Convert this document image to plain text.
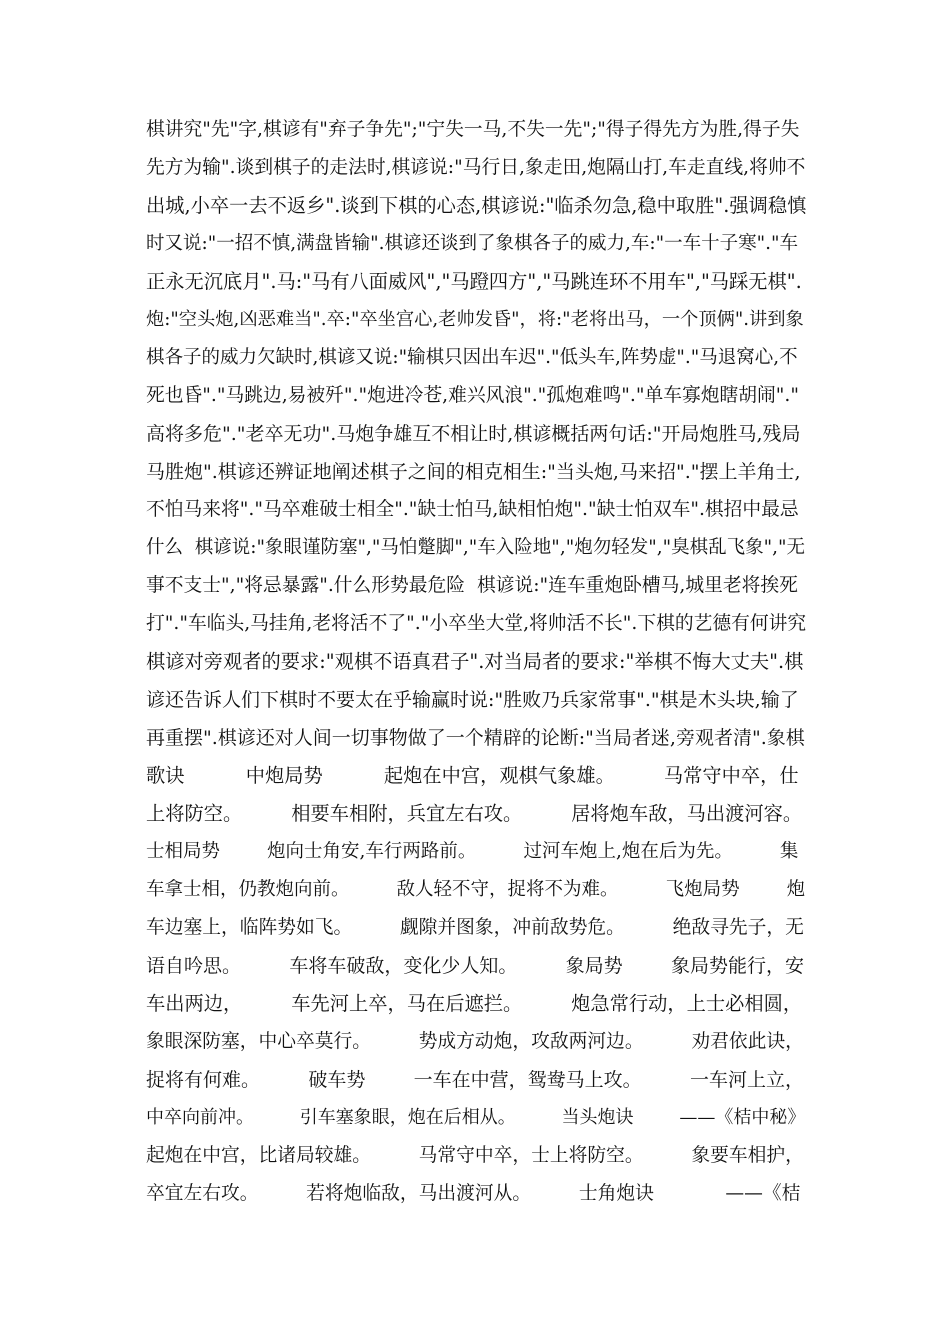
棋讲究"先"字,棋谚有"弃子争先";"宁失一马,不失一先";"得子得先方为胜,得子失
先方为输".谈到棋子的走法时,棋谚说:"马行日,象走田,炮隔山打,车走直线,将帅不
出城,小卒一去不返乡".谈到下棋的心态,棋谚说:"临杀勿急,稳中取胜".强调稳慎
时又说:"一招不慎,满盘皆输".棋谚还谈到了象棋各子的威力,车:"一车十子寒"."车
正永无沉底月".马:"马有八面威风","马蹬四方","马跳连环不用车","马踩无棋".
炮:"空头炮,凶恶难当".卒:"卒坐宫心,老帅发昏"，将:"老将出马，一个顶俩".讲到象
棋各子的威力欠缺时,棋谚又说:"输棋只因出车迟"."低头车,阵势虚"."马退窝心,不
死也昏"."马跳边,易被歼"."炮进冷苍,难兴风浪"."孤炮难鸣"."单车寡炮瞎胡闹"."
高将多危"."老卒无功".马炮争雄互不相让时,棋谚概括两句话:"开局炮胜马,残局
马胜炮".棋谚还辨证地阐述棋子之间的相克相生:"当头炮,马来招"."摆上羊角士,
不怕马来将"."马卒难破士相全"."缺士怕马,缺相怕炮"."缺士怕双车".棋招中最忌
什么  棋谚说:"象眼谨防塞","马怕蹩脚","车入险地","炮勿轻发","臭棋乱飞象","无
事不支士","将忌暴露".什么形势最危险  棋谚说:"连车重炮卧槽马,城里老将挨死
打"."车临头,马挂角,老将活不了"."小卒坐大堂,将帅活不长".下棋的艺德有何讲究
棋谚对旁观者的要求:"观棋不语真君子".对当局者的要求:"举棋不悔大丈夫".棋
谚还告诉人们下棋时不要太在乎输赢时说:"胜败乃兵家常事"."棋是木头块,输了
再重摆".棋谚还对人间一切事物做了一个精辟的论断:"当局者迷,旁观者清".象棋
歌诀          中炮局势          起炮在中宫，观棋气象雄。        马常守中卒，仕
上将防空。        相要车相附，兵宜左右攻。        居将炮车敌，马出渡河容。
士相局势        炮向士角安,车行两路前。        过河车炮上,炮在后为先。        集
车拿士相，仍教炮向前。        敌人轻不守，捉将不为难。        飞炮局势        炮
车边塞上，临阵势如飞。        觑隙并图象，冲前敌势危。        绝敌寻先子，无
语自吟思。        车将车破敌，变化少人知。        象局势        象局势能行，安
车出两边，        车先河上卒，马在后遮拦。        炮急常行动，上士必相圆，
象眼深防塞，中心卒莫行。        势成方动炮，攻敌两河边。        劝君依此诀，
捉将有何难。        破车势        一车在中营，鸳鸯马上攻。        一车河上立，
中卒向前冲。        引车塞象眼，炮在后相从。        当头炮诀        ——《桔中秘》
起炮在中宫，比诸局较雄。        马常守中卒，士上将防空。        象要车相护，
卒宜左右攻。        若将炮临敌，马出渡河从。        士角炮诀            ——《桔
